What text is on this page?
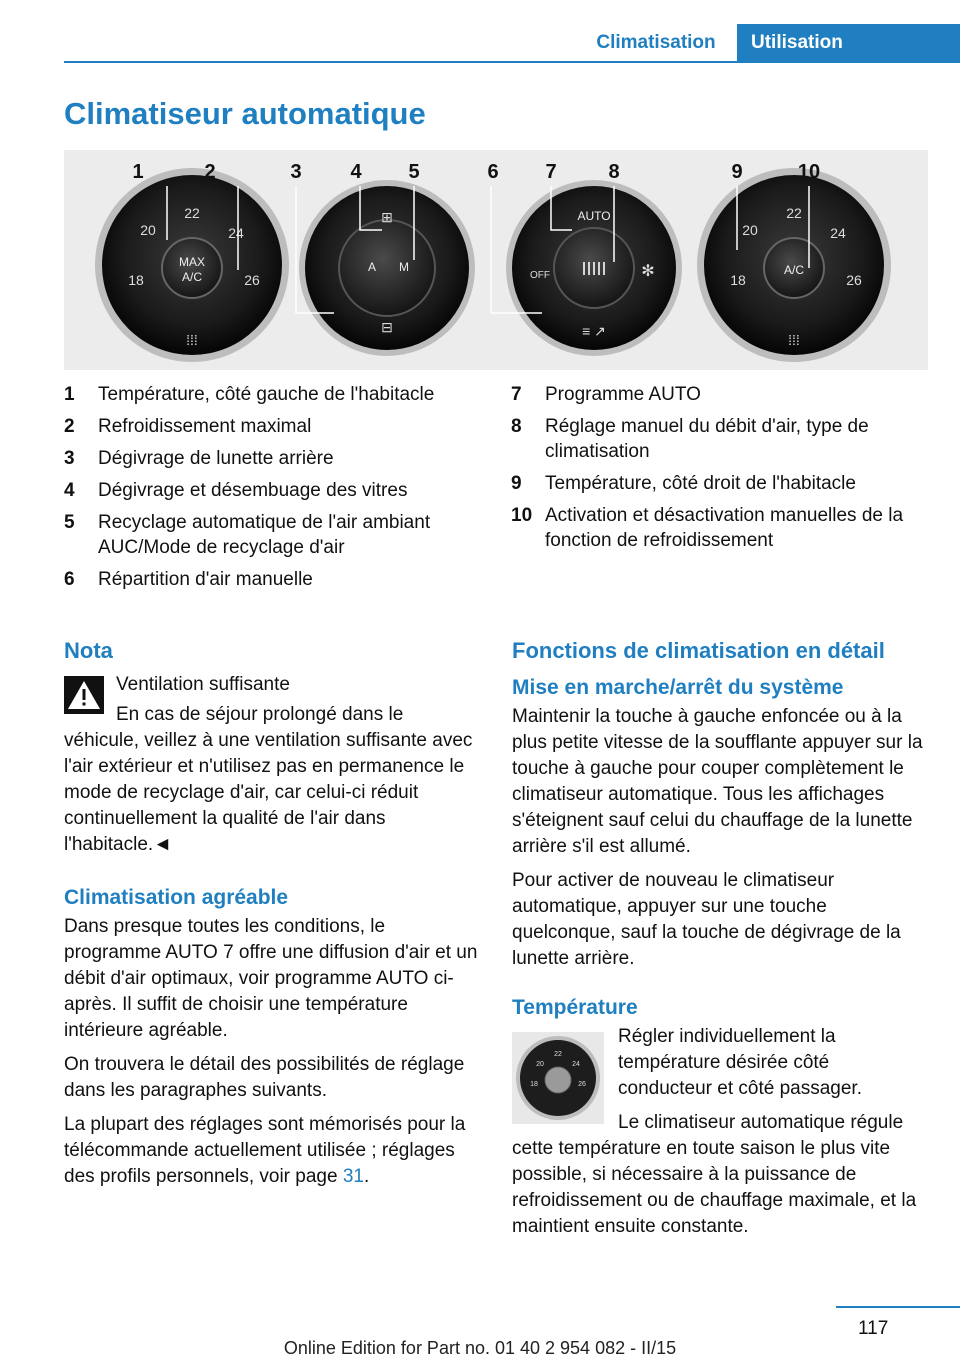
Climatisation	Utilisation
Climatiseur automatique
20
22
24
18	26
MAX
A/C
⁞⁞⁞
A M
⊞
⊟
AUTO
OFF	✻
IIIII
≡ ↗
20
22
24
18	26
A/C
⁞⁞⁞
1	2	3 4 5	6 7	8	9	10
1	Température, côté gauche de l'habitacle
2	Refroidissement maximal
3	Dégivrage de lunette arrière
4	Dégivrage et désembuage des vitres
5	Recyclage automatique de l'air ambiant AUC/Mode de recyclage d'air
6	Répartition d'air manuelle
7	Programme AUTO
8	Réglage manuel du débit d'air, type de climatisation
9	Température, côté droit de l'habitacle
10 Activation et désactivation manuelles de la fonction de refroidissement
Nota

Ventilation suffisante

En cas de séjour prolongé dans le véhicule, veillez à une ventilation suffisante avec l'air extérieur et n'utilisez pas en permanence le mode de recyclage d'air, car celui-ci réduit continuellement la qualité de l'air dans l'habitacle.◄

Climatisation agréable

Dans presque toutes les conditions, le programme AUTO 7 offre une diffusion d'air et un débit d'air optimaux, voir programme AUTO ci-après. Il suffit de choisir une température intérieure agréable.

On trouvera le détail des possibilités de réglage dans les paragraphes suivants.

La plupart des réglages sont mémorisés pour la télécommande actuellement utilisée ; réglages des profils personnels, voir page 31.

Fonctions de climatisation en détail
Mise en marche/arrêt du système

Maintenir la touche à gauche enfoncée ou à la plus petite vitesse de la soufflante appuyer sur la touche à gauche pour couper complètement le climatiseur automatique. Tous les affichages s'éteignent sauf celui du chauffage de la lunette arrière s'il est allumé.

Pour activer de nouveau le climatiseur automatique, appuyer sur une touche quelconque, sauf la touche de dégivrage de la lunette arrière.

Température
20
22
24
18	26

Régler individuellement la température désirée côté conducteur et côté passager.

Le climatiseur automatique régule cette température en toute saison le plus vite possible, si nécessaire à la puissance de refroidissement ou de chauffage maximale, et la maintient ensuite constante.

117
Online Edition for Part no. 01 40 2 954 082 - II/15
